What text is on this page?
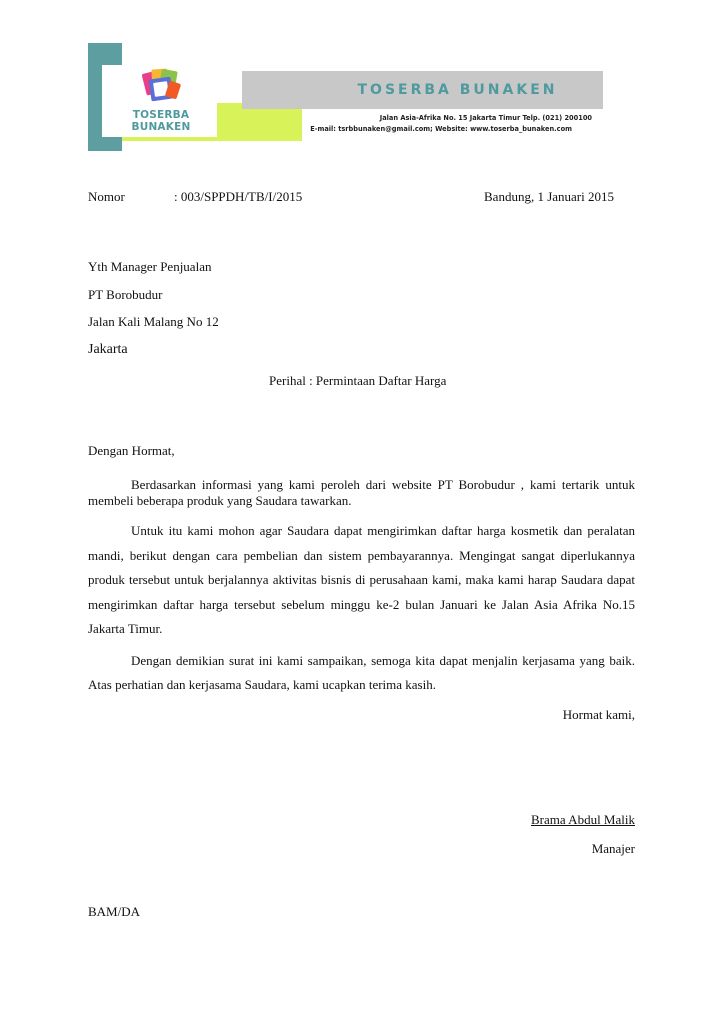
TOSERBA BUNAKEN
TOSERBA BUNAKEN
Jalan Asia-Afrika No. 15 Jakarta Timur Telp. (021) 200100
E-mail: tsrbbunaken@gmail.com; Website: www.toserba_bunaken.com
Nomor	: 003/SPPDH/TB/I/2015	Bandung, 1 Januari 2015
Yth Manager Penjualan
PT Borobudur
Jalan Kali Malang No 12
Jakarta
Perihal : Permintaan Daftar Harga
Dengan Hormat,
Berdasarkan informasi yang kami peroleh dari website PT Borobudur , kami tertarik untuk membeli beberapa produk yang Saudara tawarkan.
Untuk itu kami mohon agar Saudara dapat mengirimkan daftar harga kosmetik dan peralatan mandi, berikut dengan cara pembelian dan sistem pembayarannya. Mengingat sangat diperlukannya produk tersebut untuk berjalannya aktivitas bisnis di perusahaan kami, maka kami harap Saudara dapat mengirimkan daftar harga tersebut sebelum minggu ke-2 bulan Januari ke Jalan Asia Afrika No.15 Jakarta Timur.
Dengan demikian surat ini kami sampaikan, semoga kita dapat menjalin kerjasama yang baik. Atas perhatian dan kerjasama Saudara, kami ucapkan terima kasih.
Hormat kami,
Brama Abdul Malik
Manajer
BAM/DA
